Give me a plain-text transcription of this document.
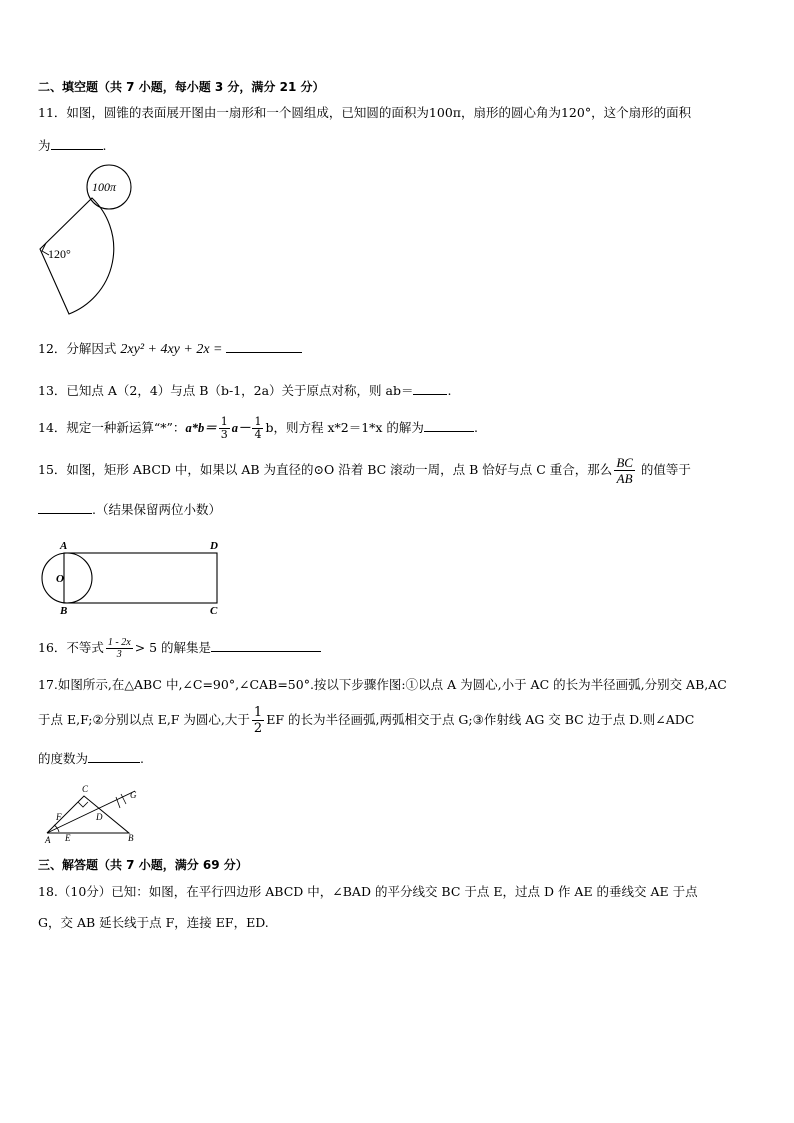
二、填空题（共 7 小题，每小题 3 分，满分 21 分）
11．如图，圆锥的表面展开图由一扇形和一个圆组成，已知圆的面积为100π，扇形的圆心角为120°，这个扇形的面积
为	.
100π
120°
12．分解因式 2xy² + 4xy + 2x =
13．已知点 A（2，4）与点 B（b-1，2a）关于原点对称，则 ab＝	.
14．规定一种新运算“*”：$a*b= \frac{1}{3} a- \frac{1}{4}$ b，则方程 x*2＝1*x 的解为	.
15．如图，矩形 ABCD 中，如果以 AB 为直径的⊙O 沿着 BC 滚动一周，点 B 恰好与点 C 重合，那么 $\frac{BC}{AB}$ 的值等于
.（结果保留两位小数）
A	D
O
B	C
16．不等式 $\frac{1 - 2x}{3} > 5$ 的解集是
17.如图所示,在△ABC 中,∠C=90°,∠CAB=50°.按以下步骤作图:①以点 A 为圆心,小于 AC 的长为半径画弧,分别交 AB,AC
于点 E,F;②分别以点 E,F 为圆心,大于 $\frac{1}{2}$ EF 的长为半径画弧,两弧相交于点 G;③作射线 AG 交 BC 边于点 D.则∠ADC
的度数为	.
C
G
F	D
A E	B
三、解答题（共 7 小题，满分 69 分）
18.（10分）已知：如图，在平行四边形 ABCD 中，∠BAD 的平分线交 BC 于点 E，过点 D 作 AE 的垂线交 AE 于点
G，交 AB 延长线于点 F，连接 EF，ED.
